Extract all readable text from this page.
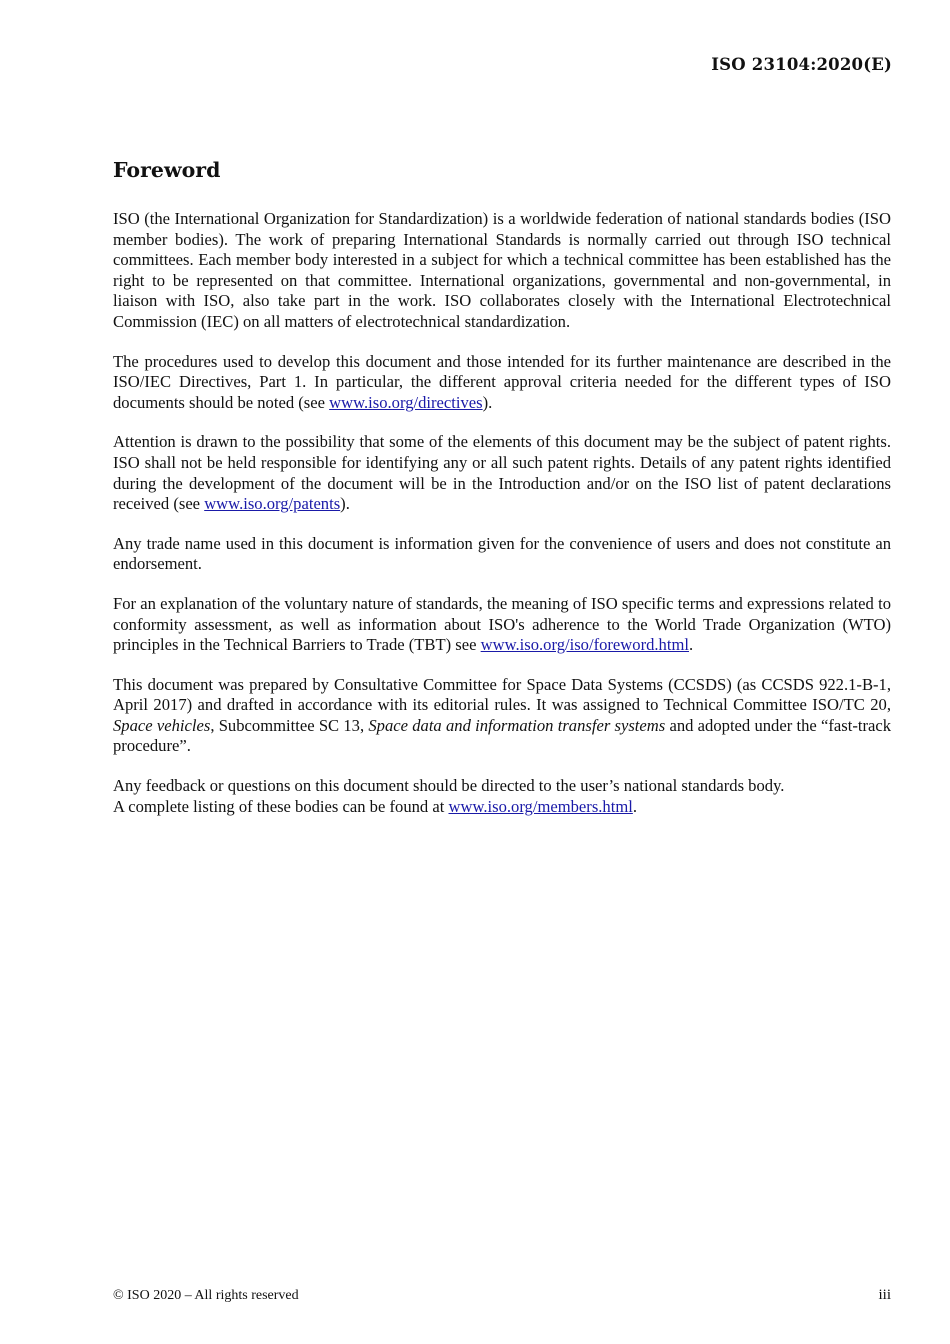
ISO 23104:2020(E)
Foreword

ISO (the International Organization for Standardization) is a worldwide federation of national standards bodies (ISO member bodies). The work of preparing International Standards is normally carried out through ISO technical committees. Each member body interested in a subject for which a technical committee has been established has the right to be represented on that committee. International organizations, governmental and non-governmental, in liaison with ISO, also take part in the work. ISO collaborates closely with the International Electrotechnical Commission (IEC) on all matters of electrotechnical standardization.

The procedures used to develop this document and those intended for its further maintenance are described in the ISO/IEC Directives, Part 1. In particular, the different approval criteria needed for the different types of ISO documents should be noted (see www.iso.org/directives).

Attention is drawn to the possibility that some of the elements of this document may be the subject of patent rights. ISO shall not be held responsible for identifying any or all such patent rights. Details of any patent rights identified during the development of the document will be in the Introduction and/or on the ISO list of patent declarations received (see www.iso.org/patents).

Any trade name used in this document is information given for the convenience of users and does not constitute an endorsement.

For an explanation of the voluntary nature of standards, the meaning of ISO specific terms and expressions related to conformity assessment, as well as information about ISO's adherence to the World Trade Organization (WTO) principles in the Technical Barriers to Trade (TBT) see www.iso.org/iso/foreword.html.

This document was prepared by Consultative Committee for Space Data Systems (CCSDS) (as CCSDS 922.1-B-1, April 2017) and drafted in accordance with its editorial rules. It was assigned to Technical Committee ISO/TC 20, Space vehicles, Subcommittee SC 13, Space data and information transfer systems and adopted under the “fast-track procedure”.

Any feedback or questions on this document should be directed to the user’s national standards body.
A complete listing of these bodies can be found at www.iso.org/members.html.

© ISO 2020 – All rights reserved	iii
